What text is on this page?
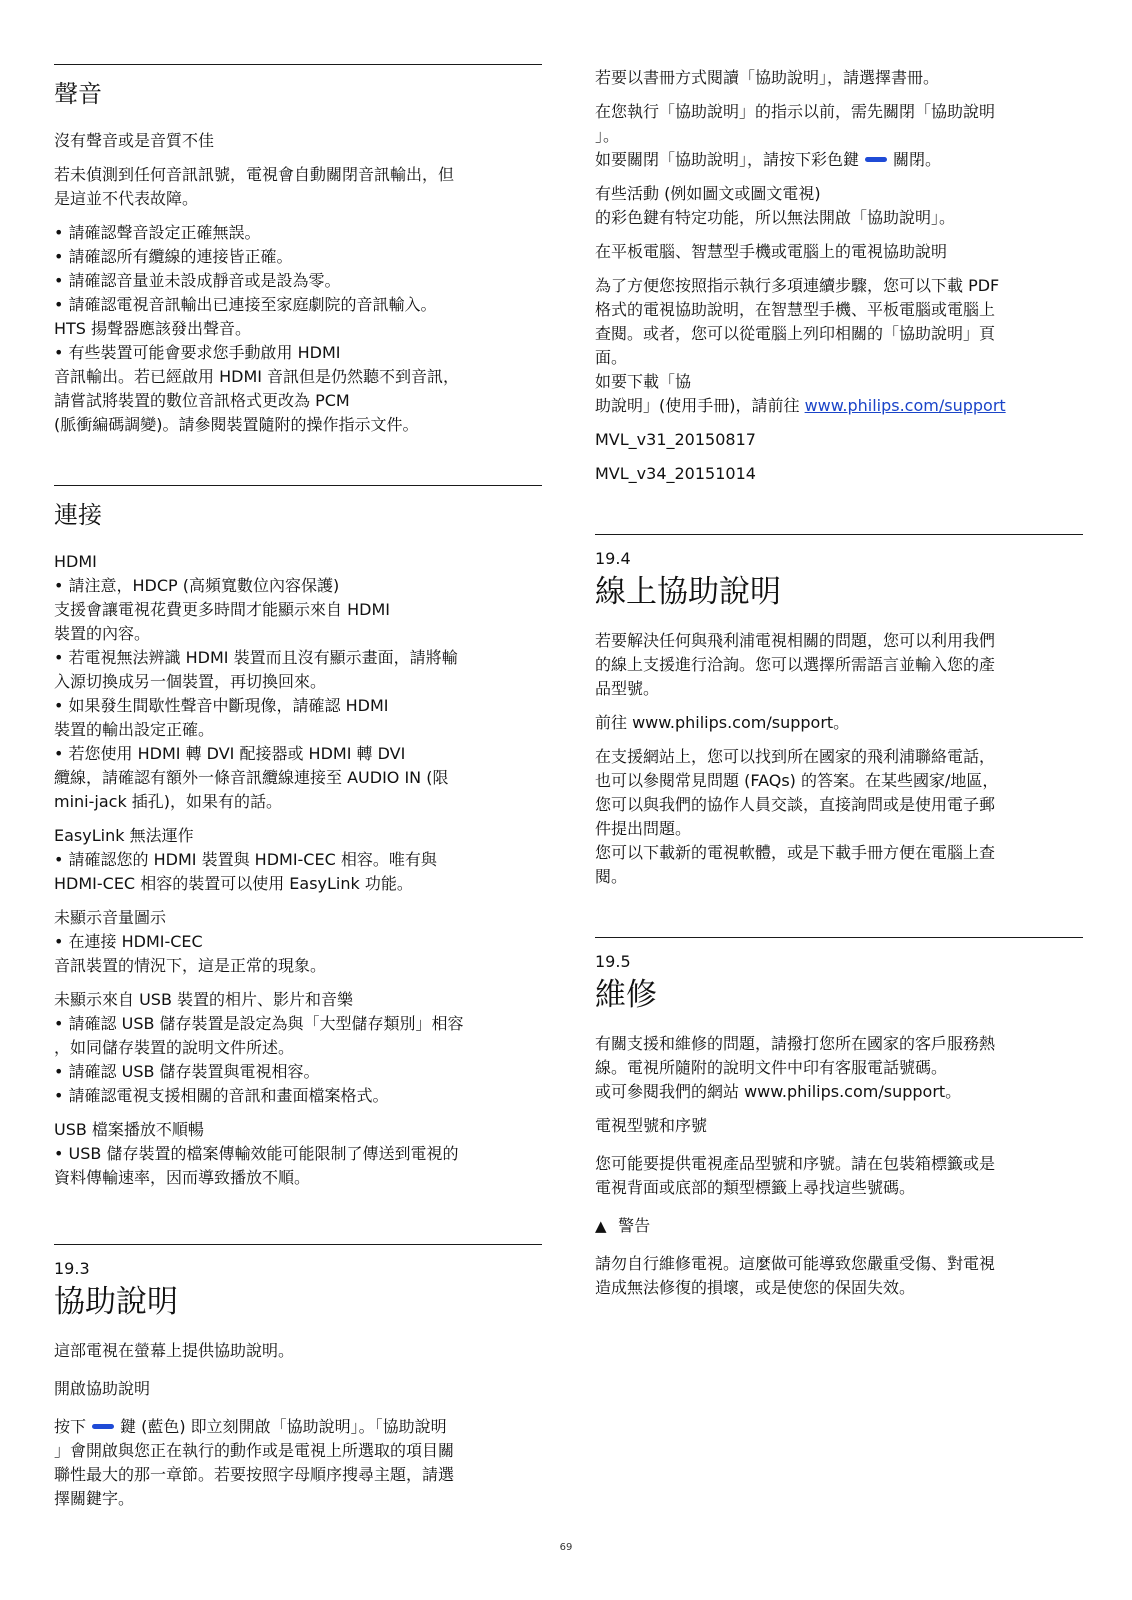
聲音
沒有聲音或是音質不佳
若未偵測到任何音訊訊號，電視會自動關閉音訊輸出，但
是這並不代表故障。
• 請確認聲音設定正確無誤。
• 請確認所有纜線的連接皆正確。
• 請確認音量並未設成靜音或是設為零。
• 請確認電視音訊輸出已連接至家庭劇院的音訊輸入。
HTS 揚聲器應該發出聲音。
• 有些裝置可能會要求您手動啟用 HDMI
音訊輸出。若已經啟用 HDMI 音訊但是仍然聽不到音訊，
請嘗試將裝置的數位音訊格式更改為 PCM
(脈衝編碼調變)。請參閱裝置隨附的操作指示文件。
連接
HDMI
• 請注意，HDCP (高頻寬數位內容保護)
支援會讓電視花費更多時間才能顯示來自 HDMI
裝置的內容。
• 若電視無法辨識 HDMI 裝置而且沒有顯示畫面，請將輸
入源切換成另一個裝置，再切換回來。
• 如果發生間歇性聲音中斷現像，請確認 HDMI
裝置的輸出設定正確。
• 若您使用 HDMI 轉 DVI 配接器或 HDMI 轉 DVI
纜線，請確認有額外一條音訊纜線連接至 AUDIO IN (限
mini-jack 插孔)，如果有的話。
EasyLink 無法運作
• 請確認您的 HDMI 裝置與 HDMI-CEC 相容。唯有與
HDMI-CEC 相容的裝置可以使用 EasyLink 功能。
未顯示音量圖示
• 在連接 HDMI-CEC
音訊裝置的情況下，這是正常的現象。
未顯示來自 USB 裝置的相片、影片和音樂
• 請確認 USB 儲存裝置是設定為與「大型儲存類別」相容
，如同儲存裝置的說明文件所述。
• 請確認 USB 儲存裝置與電視相容。
• 請確認電視支援相關的音訊和畫面檔案格式。
USB 檔案播放不順暢
• USB 儲存裝置的檔案傳輸效能可能限制了傳送到電視的
資料傳輸速率，因而導致播放不順。
19.3
協助說明
這部電視在螢幕上提供協助說明。
開啟協助說明
按下 鍵 (藍色) 即立刻開啟「協助說明」。「協助說明
」會開啟與您正在執行的動作或是電視上所選取的項目關
聯性最大的那一章節。若要按照字母順序搜尋主題，請選
擇關鍵字。
若要以書冊方式閱讀「協助說明」，請選擇書冊。
在您執行「協助說明」的指示以前，需先關閉「協助說明
」。
如要關閉「協助說明」，請按下彩色鍵 關閉。
有些活動 (例如圖文或圖文電視)
的彩色鍵有特定功能，所以無法開啟「協助說明」。
在平板電腦、智慧型手機或電腦上的電視協助說明
為了方便您按照指示執行多項連續步驟，您可以下載 PDF
格式的電視協助說明，在智慧型手機、平板電腦或電腦上
查閱。或者，您可以從電腦上列印相關的「協助說明」頁
面。
如要下載「協
助說明」(使用手冊)，請前往 www.philips.com/support
MVL_v31_20150817
MVL_v34_20151014
19.4
線上協助說明
若要解決任何與飛利浦電視相關的問題，您可以利用我們
的線上支援進行洽詢。您可以選擇所需語言並輸入您的產
品型號。
前往 www.philips.com/support。
在支援網站上，您可以找到所在國家的飛利浦聯絡電話，
也可以參閱常見問題 (FAQs) 的答案。在某些國家/地區，
您可以與我們的協作人員交談，直接詢問或是使用電子郵
件提出問題。
您可以下載新的電視軟體，或是下載手冊方便在電腦上查
閱。
19.5
維修
有關支援和維修的問題，請撥打您所在國家的客戶服務熱
線。電視所隨附的說明文件中印有客服電話號碼。
或可參閱我們的網站 www.philips.com/support。
電視型號和序號
您可能要提供電視產品型號和序號。請在包裝箱標籤或是
電視背面或底部的類型標籤上尋找這些號碼。
▲ 警告
請勿自行維修電視。這麼做可能導致您嚴重受傷、對電視
造成無法修復的損壞，或是使您的保固失效。
69
